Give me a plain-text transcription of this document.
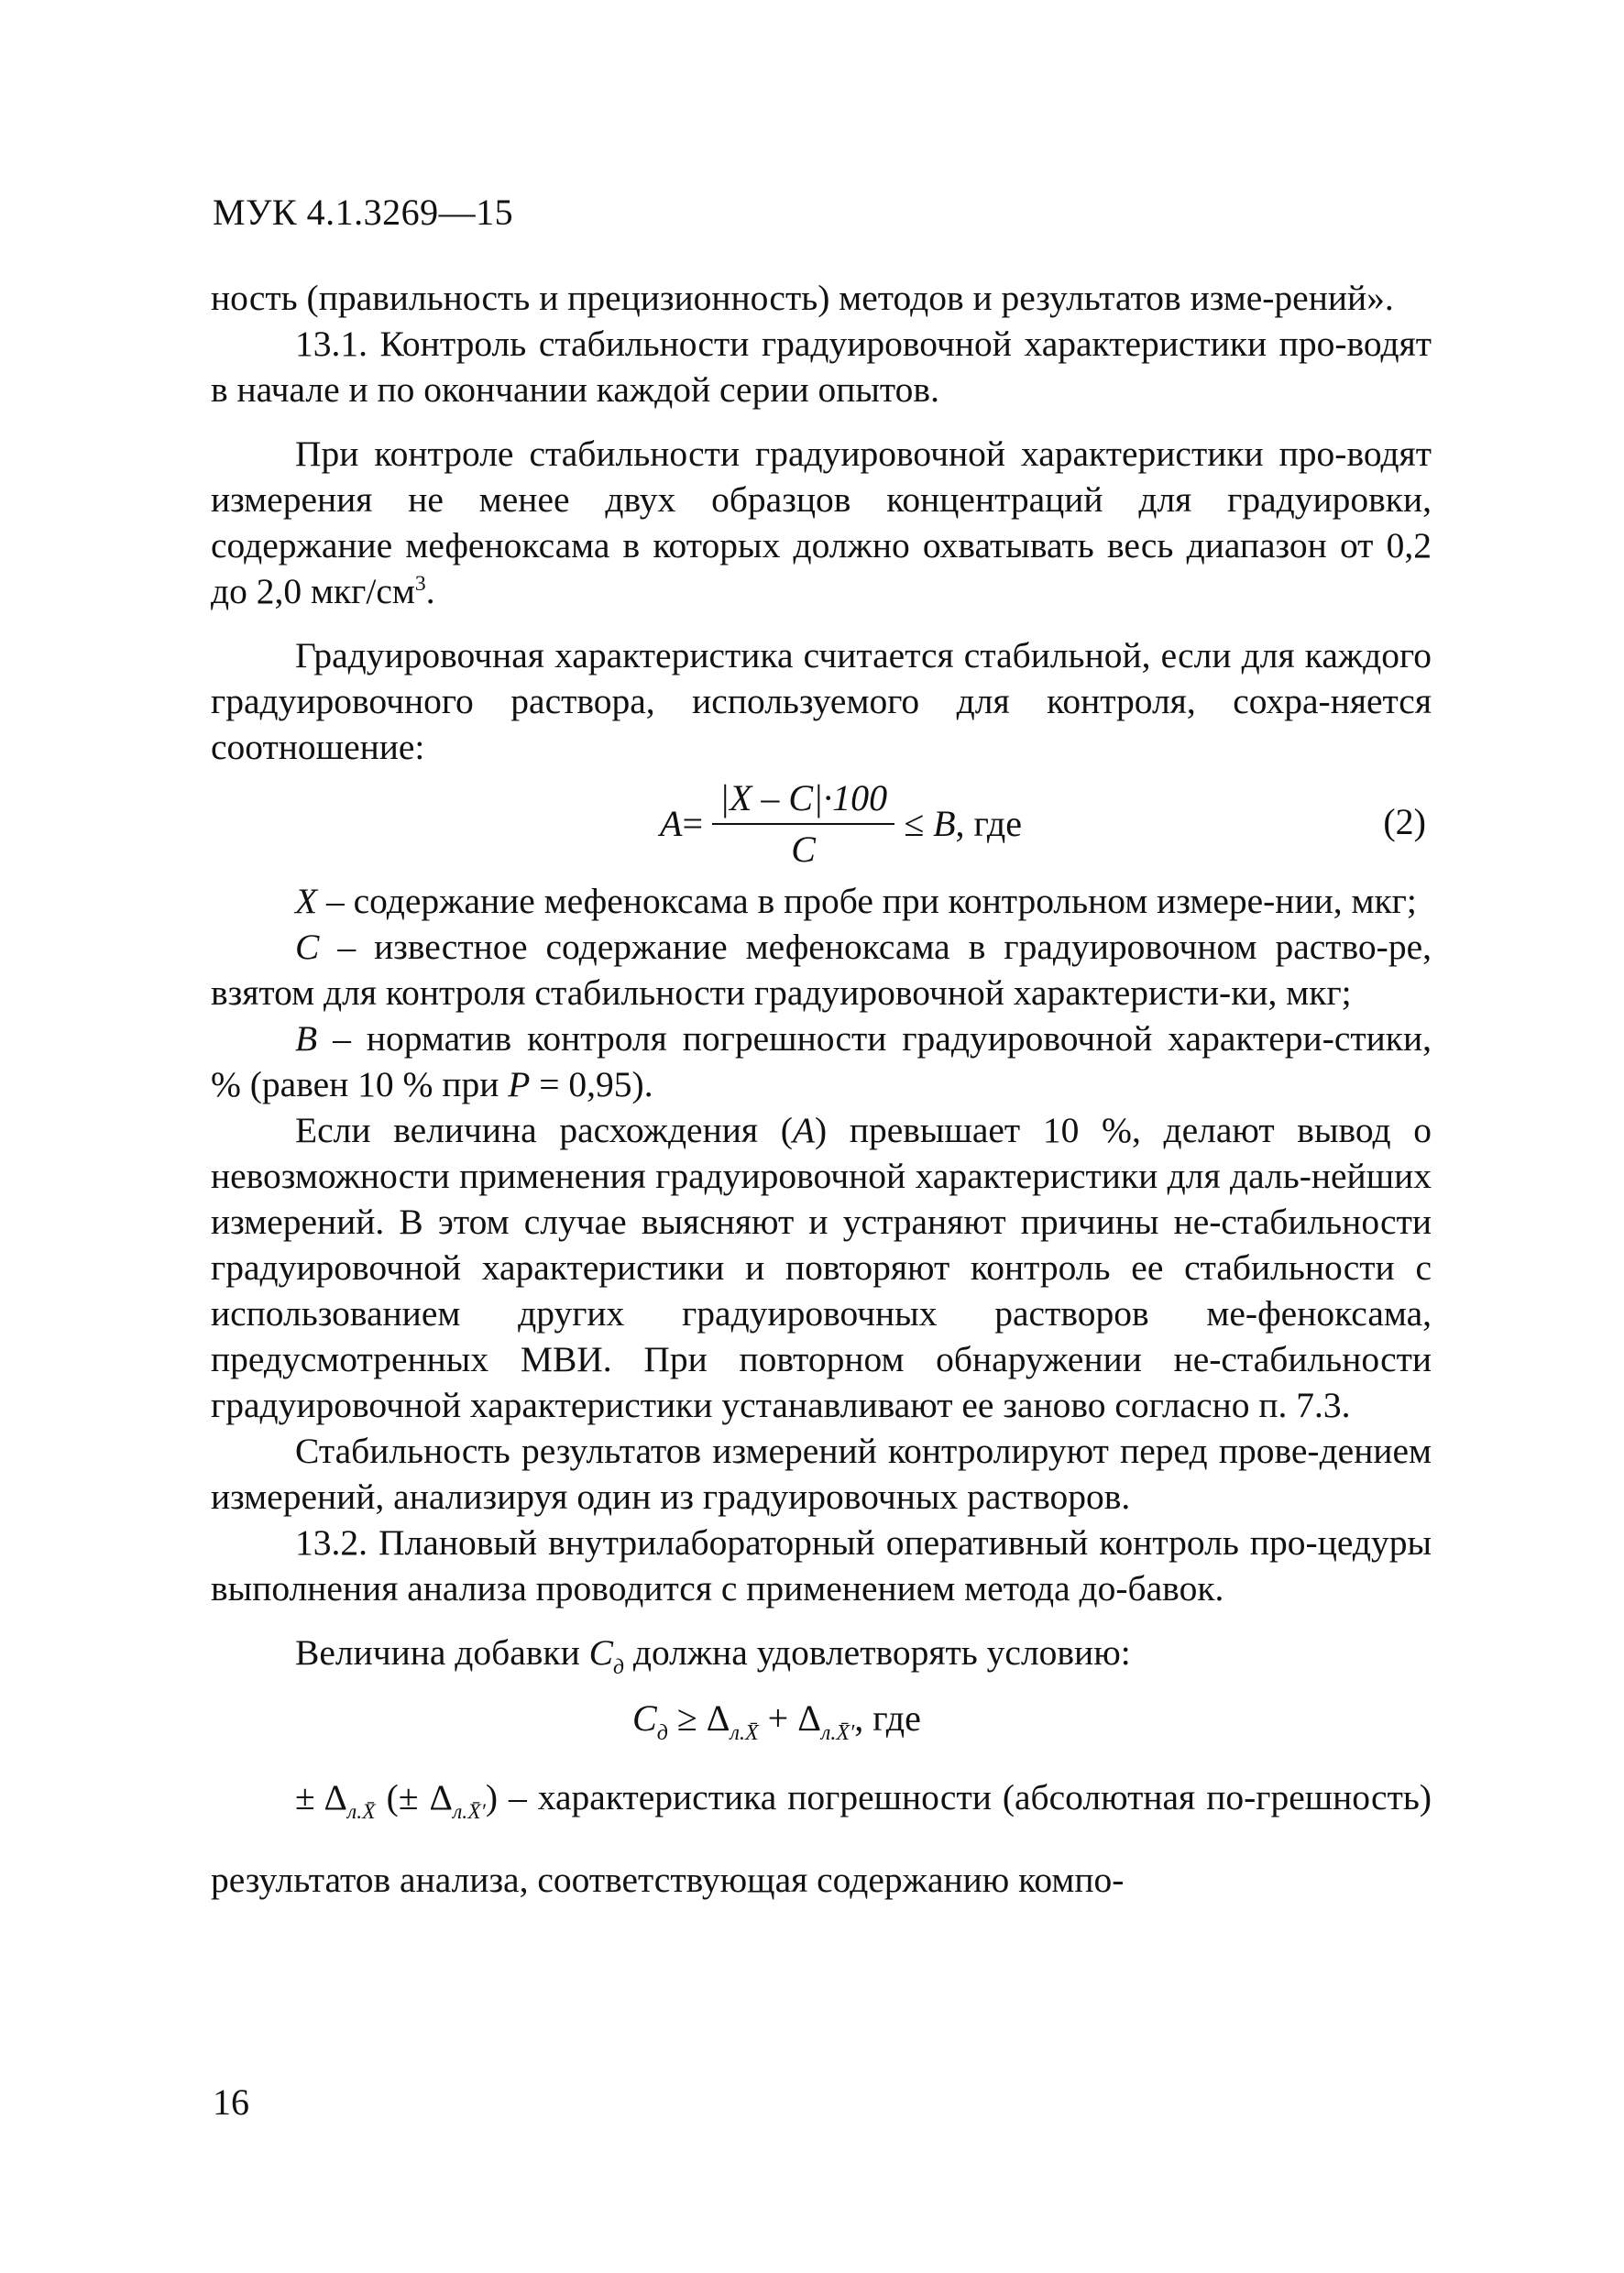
МУК 4.1.3269—15

ность (правильность и прецизионность) методов и результатов изме-рений».

13.1. Контроль стабильности градуировочной характеристики про-водят в начале и по окончании каждой серии опытов.

При контроле стабильности градуировочной характеристики про-водят измерения не менее двух образцов концентраций для градуировки, содержание мефеноксама в которых должно охватывать весь диапазон от 0,2 до 2,0 мкг/$см^3$.

Градуировочная характеристика считается стабильной, если для каждого градуировочного раствора, используемого для контроля, сохра-няется соотношение:

$A = \frac{|X - C|\cdot 100}{C} \le B$ , где	(2)

X – содержание мефеноксама в пробе при контрольном измере-нии, мкг;

С – известное содержание мефеноксама в градуировочном раство-ре, взятом для контроля стабильности градуировочной характеристи-ки, мкг;

B – норматив контроля погрешности градуировочной характери-стики, % (равен 10 % при P = 0,95).

Если величина расхождения (A) превышает 10 %, делают вывод о невозможности применения градуировочной характеристики для даль-нейших измерений. В этом случае выясняют и устраняют причины не-стабильности градуировочной характеристики и повторяют контроль ее стабильности с использованием других градуировочных растворов ме-феноксама, предусмотренных МВИ. При повторном обнаружении не-стабильности градуировочной характеристики устанавливают ее заново согласно п. 7.3.

Стабильность результатов измерений контролируют перед прове-дением измерений, анализируя один из градуировочных растворов.

13.2. Плановый внутрилабораторный оперативный контроль про-цедуры выполнения анализа проводится с применением метода до-бавок.

Величина добавки $C_д$ должна удовлетворять условию:

$C_д \ge \Delta_{л.X̄} + \Delta_{л.X̄'}$, где

± $\Delta_{л.X̄}$ (± $\Delta_{л.X̄'}$) – характеристика погрешности (абсолютная по-грешность) результатов анализа, соответствующая содержанию компо-

16
